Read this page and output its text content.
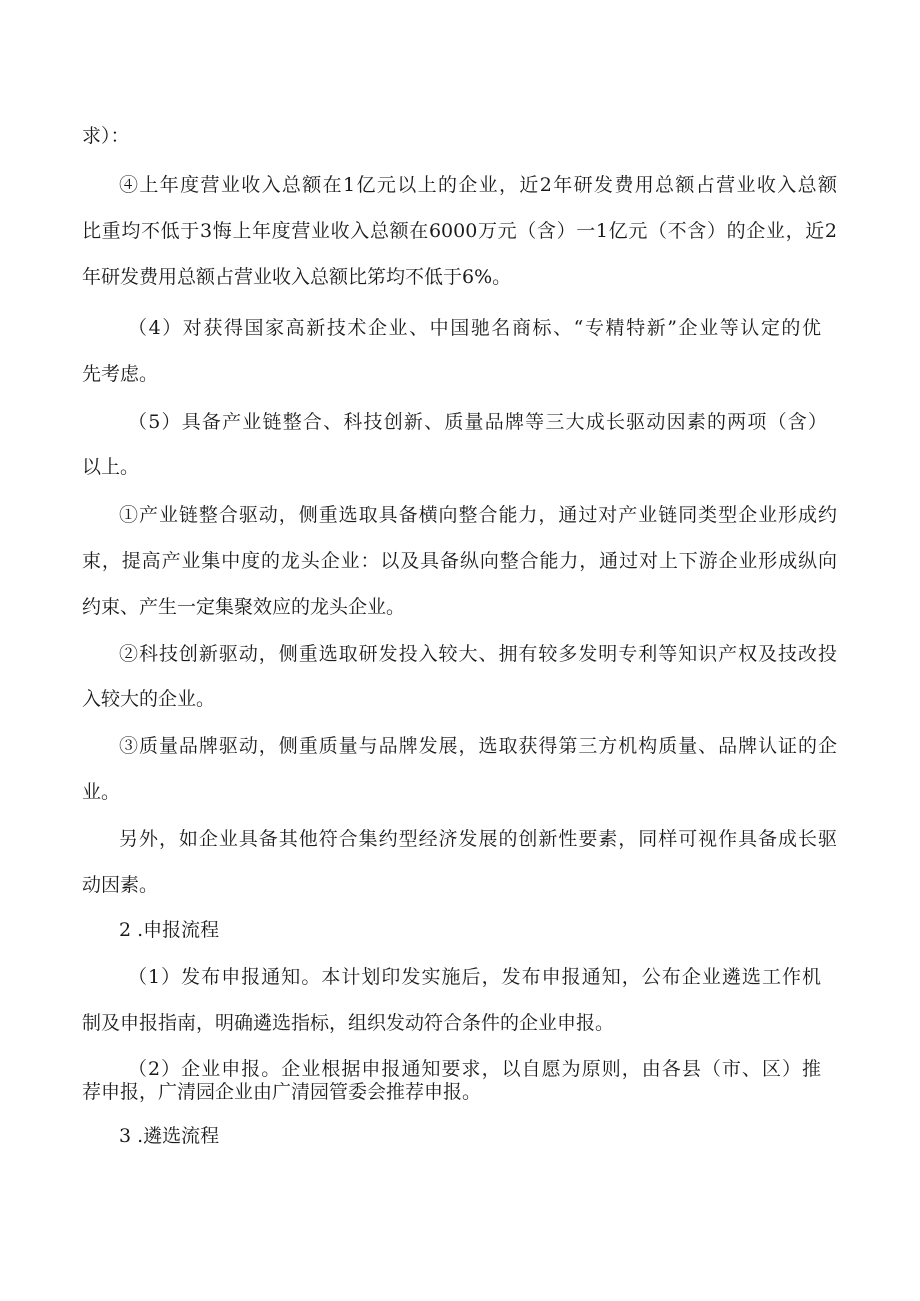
求）：

④上年度营业收入总额在1亿元以上的企业，近2年研发费用总额占营业收入总额

比重均不低于3悔上年度营业收入总额在6000万元（含）一1亿元（不含）的企业，近2

年研发费用总额占营业收入总额比笫均不低于6%。

（4）对获得国家高新技术企业、中国驰名商标、“专精特新”企业等认定的优

先考虑。

（5）具备产业链整合、科技创新、质量品牌等三大成长驱动因素的两项（含）

以上。

①产业链整合驱动，侧重选取具备横向整合能力，通过对产业链同类型企业形成约

束，提高产业集中度的龙头企业：以及具备纵向整合能力，通过对上下游企业形成纵向

约束、产生一定集聚效应的龙头企业。

②科技创新驱动，侧重选取研发投入较大、拥有较多发明专利等知识产权及技改投

入较大的企业。

③质量品牌驱动，侧重质量与品牌发展，选取获得第三方机构质量、品牌认证的企

业。

另外，如企业具备其他符合集约型经济发展的创新性要素，同样可视作具备成长驱

动因素。

2 .申报流程

（1）发布申报通知。本计划印发实施后，发布申报通知，公布企业遴选工作机

制及申报指南，明确遴选指标，组织发动符合条件的企业申报。

（2）企业申报。企业根据申报通知要求，以自愿为原则，由各县（市、区）推

荐申报，广清园企业由广清园管委会推荐申报。

3 .遴选流程
